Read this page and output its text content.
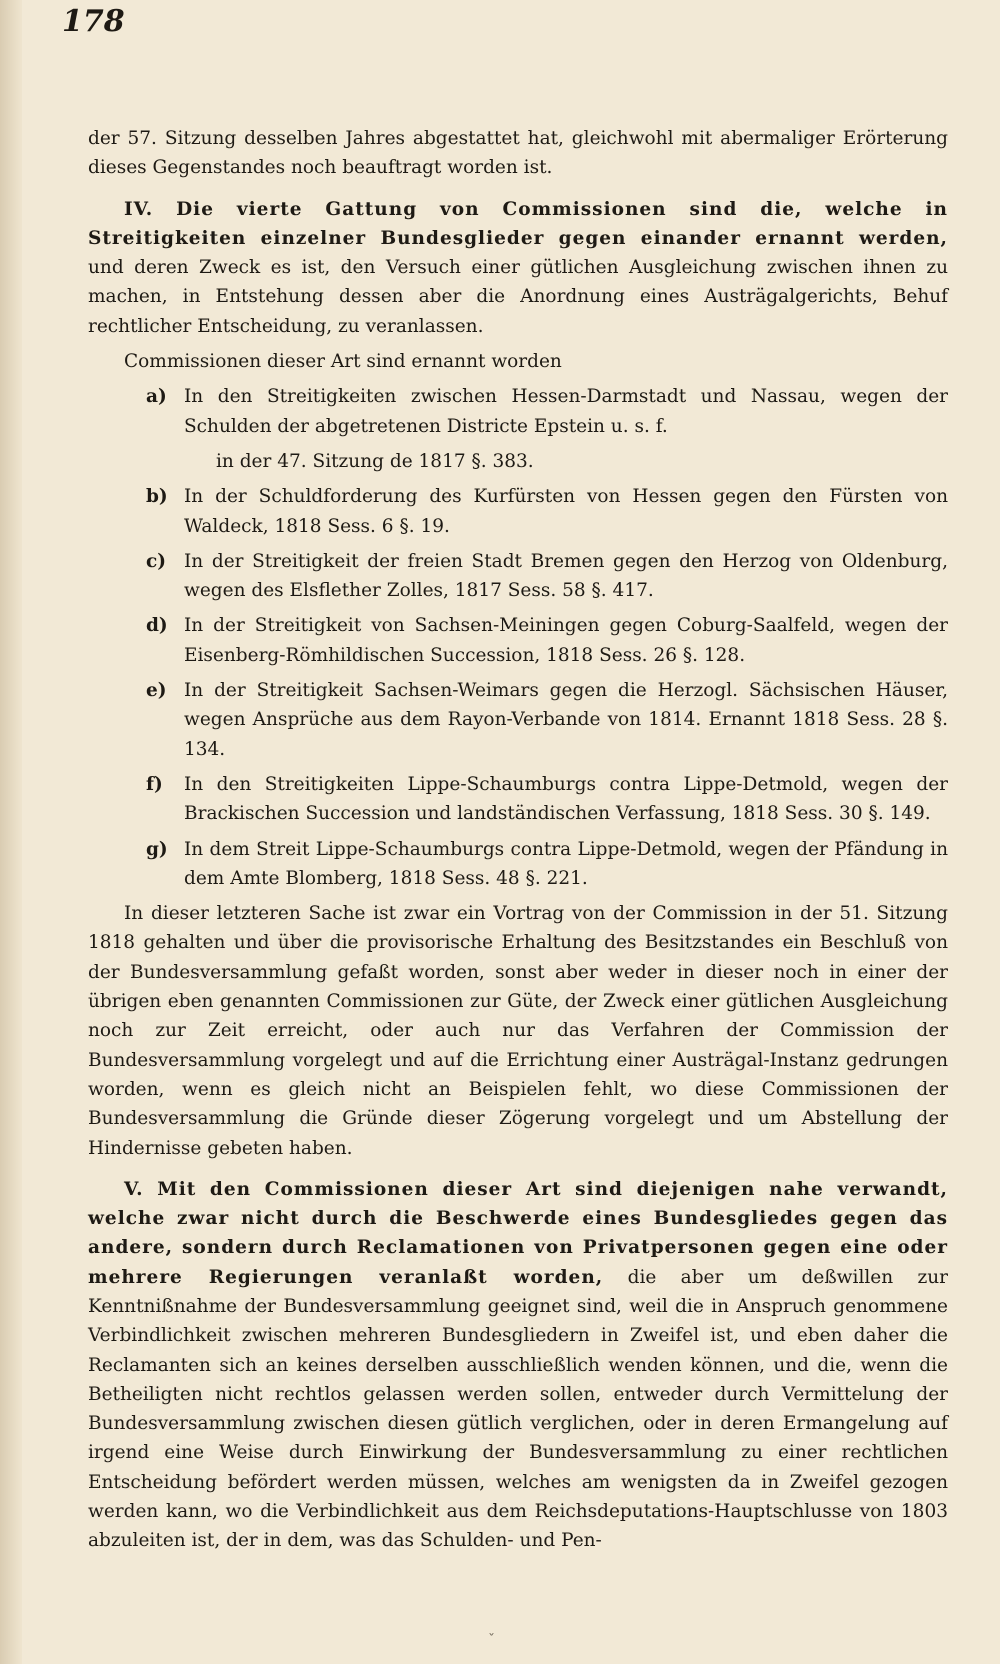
178

der 57. Sitzung desselben Jahres abgestattet hat, gleichwohl mit abermaliger Erörterung dieses Gegenstandes noch beauftragt worden ist.

IV. Die vierte Gattung von Commissionen sind die, welche in Streitigkeiten einzelner Bundesglieder gegen einander ernannt werden, und deren Zweck es ist, den Versuch einer gütlichen Ausgleichung zwischen ihnen zu machen, in Entstehung dessen aber die Anordnung eines Austrägalgerichts, Behuf rechtlicher Entscheidung, zu veranlassen.

Commissionen dieser Art sind ernannt worden

a) In den Streitigkeiten zwischen Hessen-Darmstadt und Nassau, wegen der Schulden der abgetretenen Districte Epstein u. s. f.

in der 47. Sitzung de 1817 §. 383.

b) In der Schuldforderung des Kurfürsten von Hessen gegen den Fürsten von Waldeck, 1818 Sess. 6 §. 19.

c) In der Streitigkeit der freien Stadt Bremen gegen den Herzog von Oldenburg, wegen des Elsflether Zolles, 1817 Sess. 58 §. 417.

d) In der Streitigkeit von Sachsen-Meiningen gegen Coburg-Saalfeld, wegen der Eisenberg-Römhildischen Succession, 1818 Sess. 26 §. 128.

e) In der Streitigkeit Sachsen-Weimars gegen die Herzogl. Sächsischen Häuser, wegen Ansprüche aus dem Rayon-Verbande von 1814. Ernannt 1818 Sess. 28 §. 134.

f) In den Streitigkeiten Lippe-Schaumburgs contra Lippe-Detmold, wegen der Brackischen Succession und landständischen Verfassung, 1818 Sess. 30 §. 149.

g) In dem Streit Lippe-Schaumburgs contra Lippe-Detmold, wegen der Pfändung in dem Amte Blomberg, 1818 Sess. 48 §. 221.

In dieser letzteren Sache ist zwar ein Vortrag von der Commission in der 51. Sitzung 1818 gehalten und über die provisorische Erhaltung des Besitzstandes ein Beschluß von der Bundesversammlung gefaßt worden, sonst aber weder in dieser noch in einer der übrigen eben genannten Commissionen zur Güte, der Zweck einer gütlichen Ausgleichung noch zur Zeit erreicht, oder auch nur das Verfahren der Commission der Bundesversammlung vorgelegt und auf die Errichtung einer Austrägal-Instanz gedrungen worden, wenn es gleich nicht an Beispielen fehlt, wo diese Commissionen der Bundesversammlung die Gründe dieser Zögerung vorgelegt und um Abstellung der Hindernisse gebeten haben.

V. Mit den Commissionen dieser Art sind diejenigen nahe verwandt, welche zwar nicht durch die Beschwerde eines Bundesgliedes gegen das andere, sondern durch Reclamationen von Privatpersonen gegen eine oder mehrere Regierungen veranlaßt worden, die aber um deßwillen zur Kenntnißnahme der Bundesversammlung geeignet sind, weil die in Anspruch genommene Verbindlichkeit zwischen mehreren Bundesgliedern in Zweifel ist, und eben daher die Reclamanten sich an keines derselben ausschließlich wenden können, und die, wenn die Betheiligten nicht rechtlos gelassen werden sollen, entweder durch Vermittelung der Bundesversammlung zwischen diesen gütlich verglichen, oder in deren Ermangelung auf irgend eine Weise durch Einwirkung der Bundesversammlung zu einer rechtlichen Entscheidung befördert werden müssen, welches am wenigsten da in Zweifel gezogen werden kann, wo die Verbindlichkeit aus dem Reichsdeputations-Hauptschlusse von 1803 abzuleiten ist, der in dem, was das Schulden- und Pen-

ˇ
